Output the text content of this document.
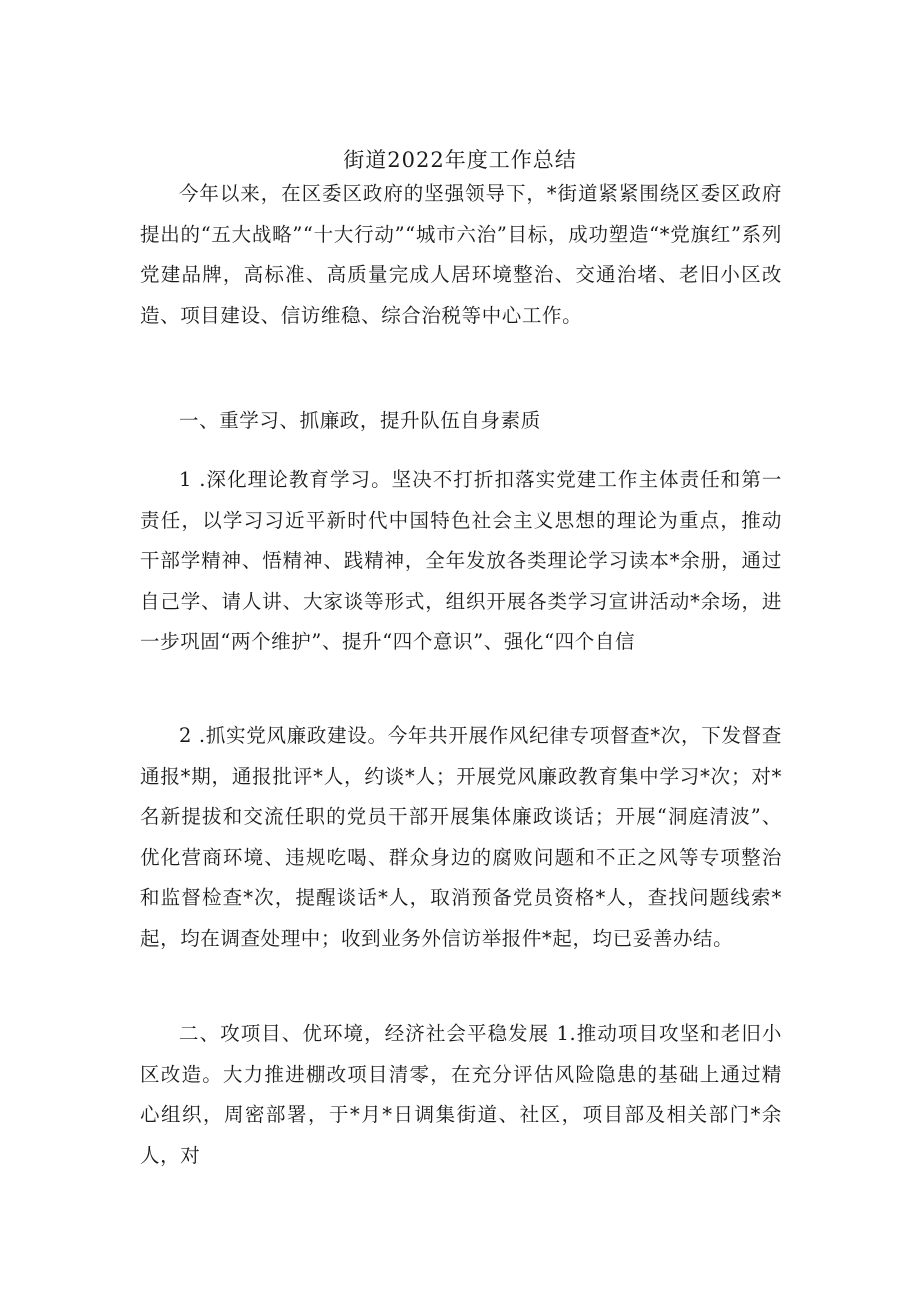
街道2022年度工作总结

今年以来，在区委区政府的坚强领导下，*街道紧紧围绕区委区政府提出的“五大战略”“十大行动”“城市六治”目标，成功塑造“*党旗红”系列党建品牌，高标准、高质量完成人居环境整治、交通治堵、老旧小区改造、项目建设、信访维稳、综合治税等中心工作。

一、重学习、抓廉政，提升队伍自身素质

1 .深化理论教育学习。坚决不打折扣落实党建工作主体责任和第一责任，以学习习近平新时代中国特色社会主义思想的理论为重点，推动干部学精神、悟精神、践精神，全年发放各类理论学习读本*余册，通过自己学、请人讲、大家谈等形式，组织开展各类学习宣讲活动*余场，进一步巩固“两个维护”、提升“四个意识”、强化“四个自信

2 .抓实党风廉政建设。今年共开展作风纪律专项督查*次，下发督查通报*期，通报批评*人，约谈*人；开展党风廉政教育集中学习*次；对*名新提拔和交流任职的党员干部开展集体廉政谈话；开展“洞庭清波”、优化营商环境、违规吃喝、群众身边的腐败问题和不正之风等专项整治和监督检查*次，提醒谈话*人，取消预备党员资格*人，查找问题线索*起，均在调查处理中；收到业务外信访举报件*起，均已妥善办结。

二、攻项目、优环境，经济社会平稳发展 1.推动项目攻坚和老旧小区改造。大力推进棚改项目清零，在充分评估风险隐患的基础上通过精心组织，周密部署，于*月*日调集街道、社区，项目部及相关部门*余人，对
